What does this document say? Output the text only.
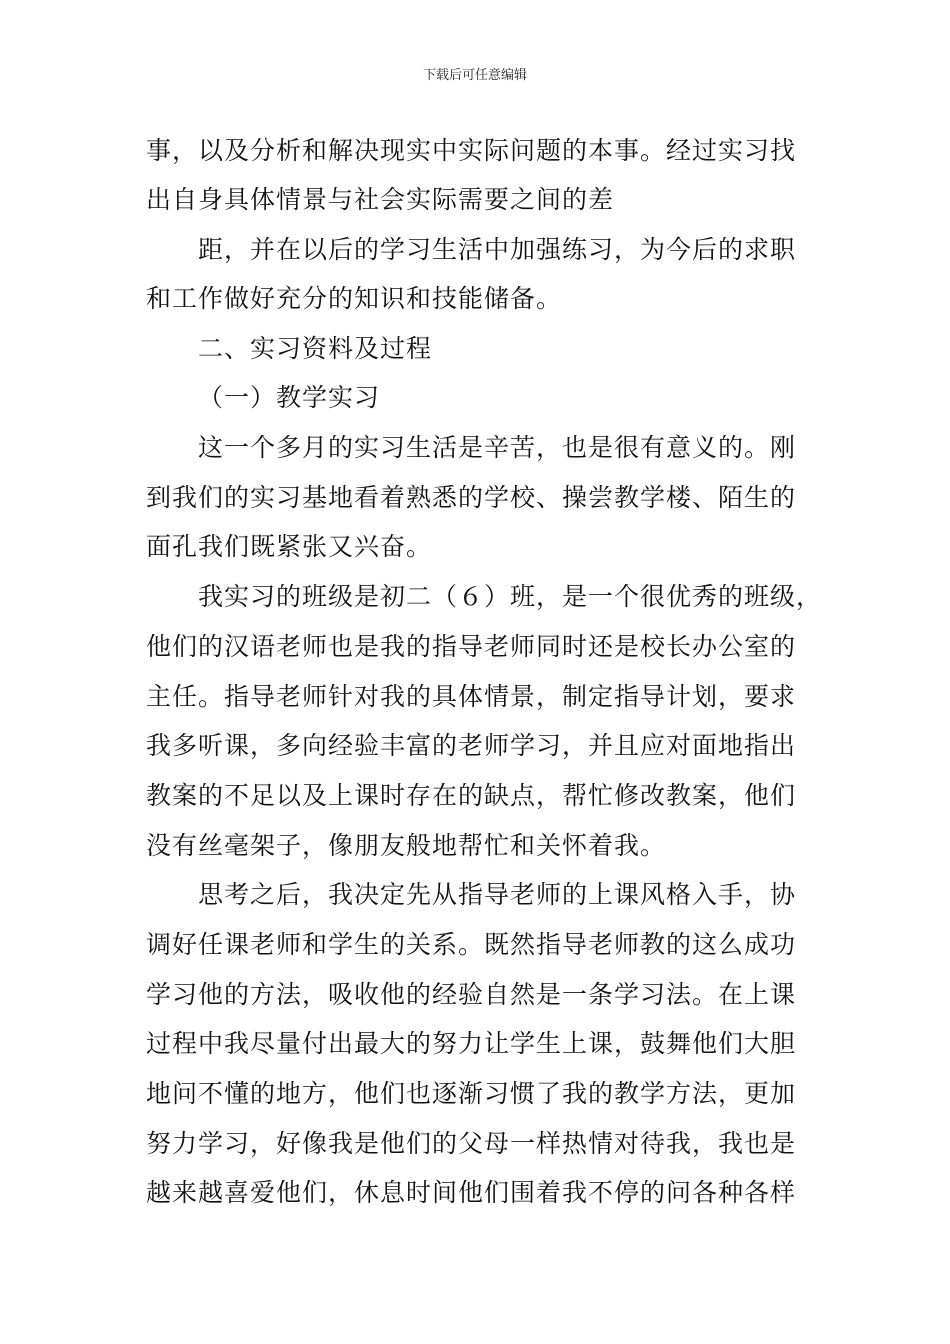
下载后可任意编辑
事，以及分析和解决现实中实际问题的本事。经过实习找
出自身具体情景与社会实际需要之间的差
距，并在以后的学习生活中加强练习，为今后的求职
和工作做好充分的知识和技能储备。
二、实习资料及过程
（一）教学实习
这一个多月的实习生活是辛苦，也是很有意义的。刚
到我们的实习基地看着熟悉的学校、操尝教学楼、陌生的
面孔我们既紧张又兴奋。
我实习的班级是初二（６）班，是一个很优秀的班级，
他们的汉语老师也是我的指导老师同时还是校长办公室的
主任。指导老师针对我的具体情景，制定指导计划，要求
我多听课，多向经验丰富的老师学习，并且应对面地指出
教案的不足以及上课时存在的缺点，帮忙修改教案，他们
没有丝毫架子，像朋友般地帮忙和关怀着我。
思考之后，我决定先从指导老师的上课风格入手，协
调好任课老师和学生的关系。既然指导老师教的这么成功
学习他的方法，吸收他的经验自然是一条学习法。在上课
过程中我尽量付出最大的努力让学生上课，鼓舞他们大胆
地问不懂的地方，他们也逐渐习惯了我的教学方法，更加
努力学习，好像我是他们的父母一样热情对待我，我也是
越来越喜爱他们，休息时间他们围着我不停的问各种各样
